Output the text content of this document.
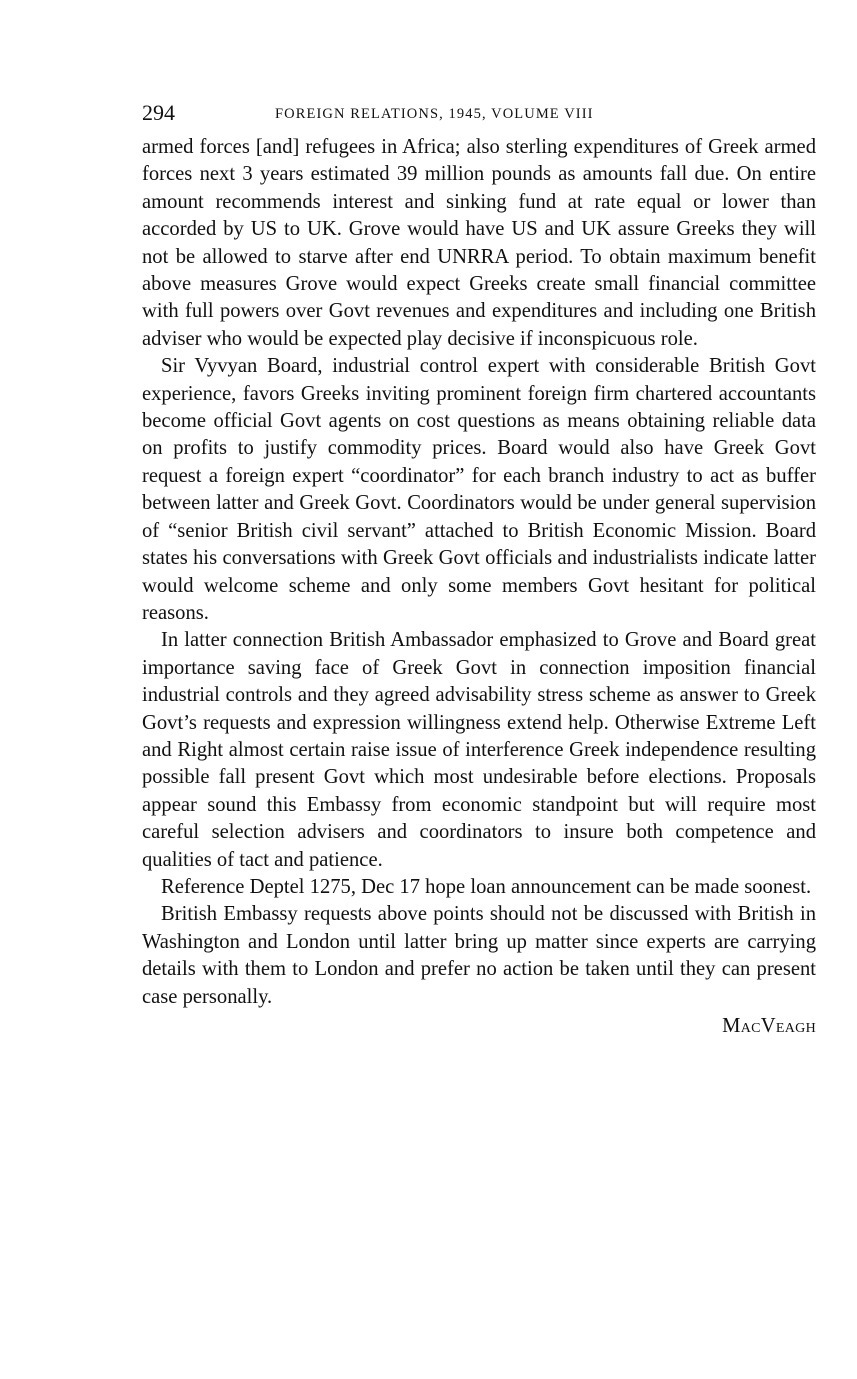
294	FOREIGN RELATIONS, 1945, VOLUME VIII

armed forces [and] refugees in Africa; also sterling expenditures of Greek armed forces next 3 years estimated 39 million pounds as amounts fall due. On entire amount recommends interest and sinking fund at rate equal or lower than accorded by US to UK. Grove would have US and UK assure Greeks they will not be allowed to starve after end UNRRA period. To obtain maximum benefit above measures Grove would expect Greeks create small financial committee with full powers over Govt revenues and expenditures and including one British adviser who would be expected play decisive if inconspicuous role.

Sir Vyvyan Board, industrial control expert with considerable British Govt experience, favors Greeks inviting prominent foreign firm chartered accountants become official Govt agents on cost questions as means obtaining reliable data on profits to justify commodity prices. Board would also have Greek Govt request a foreign expert “coordinator” for each branch industry to act as buffer between latter and Greek Govt. Coordinators would be under general supervision of “senior British civil servant” attached to British Economic Mission. Board states his conversations with Greek Govt officials and industrialists indicate latter would welcome scheme and only some members Govt hesitant for political reasons.

In latter connection British Ambassador emphasized to Grove and Board great importance saving face of Greek Govt in connection imposition financial industrial controls and they agreed advisability stress scheme as answer to Greek Govt’s requests and expression willingness extend help. Otherwise Extreme Left and Right almost certain raise issue of interference Greek independence resulting possible fall present Govt which most undesirable before elections. Proposals appear sound this Embassy from economic standpoint but will require most careful selection advisers and coordinators to insure both competence and qualities of tact and patience.

Reference Deptel 1275, Dec 17 hope loan announcement can be made soonest.

British Embassy requests above points should not be discussed with British in Washington and London until latter bring up matter since experts are carrying details with them to London and prefer no action be taken until they can present case personally.

MacVeagh
